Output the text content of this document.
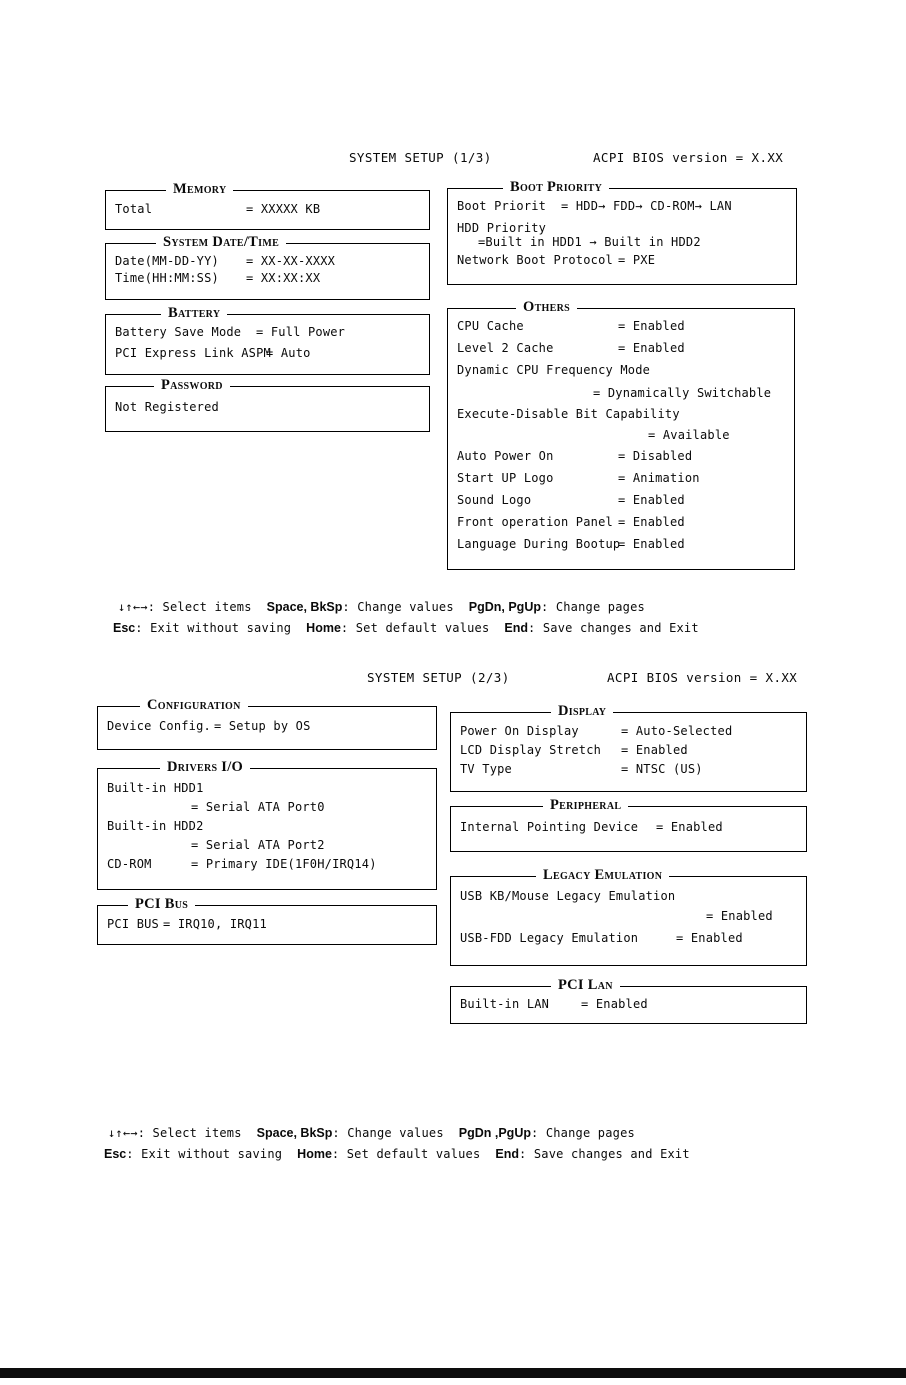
SYSTEM SETUP (1/3)	ACPI BIOS version = X.XX
Memory
Total	= XXXXX KB
System Date/Time
Date(MM-DD-YY) = XX-XX-XXXX
Time(HH:MM:SS) = XX:XX:XX
Battery
Battery Save Mode = Full Power
PCI Express Link ASPM
= Auto
Password
Not Registered
Boot Priority
Boot Priorit = HDD→ FDD→ CD-ROM→ LAN
HDD Priority
=Built in HDD1 → Built in HDD2
Network Boot Protocol = PXE
Others
CPU Cache	= Enabled
Level 2 Cache	= Enabled
Dynamic CPU Frequency Mode
= Dynamically Switchable
Execute-Disable Bit Capability
= Available
Auto Power On	= Disabled
Start UP Logo	= Animation
Sound Logo	= Enabled
Front operation Panel = Enabled
Language During Bootup
= Enabled
↓↑←→: Select items Space, BkSp: Change values PgDn, PgUp: Change pages
Esc: Exit without saving Home: Set default values End: Save changes and Exit
SYSTEM SETUP (2/3)	ACPI BIOS version = X.XX
Configuration
Device Config. = Setup by OS
Drivers I/O
Built-in HDD1
= Serial ATA Port0
Built-in HDD2
= Serial ATA Port2
CD-ROM	= Primary IDE(1F0H/IRQ14)
PCI Bus
PCI BUS = IRQ10, IRQ11
Display
Power On Display	= Auto-Selected
LCD Display Stretch = Enabled
TV Type	= NTSC (US)
Peripheral
Internal Pointing Device = Enabled
Legacy Emulation
USB KB/Mouse Legacy Emulation
= Enabled
USB-FDD Legacy Emulation	= Enabled
PCI Lan
Built-in LAN	= Enabled
↓↑←→: Select items Space, BkSp: Change values PgDn ,PgUp: Change pages
Esc: Exit without saving Home: Set default values End: Save changes and Exit
